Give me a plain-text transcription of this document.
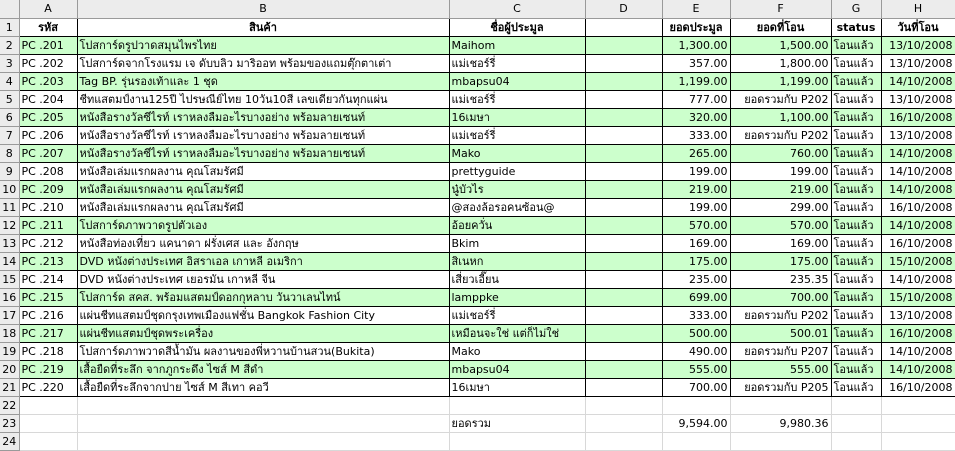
	A	B	C	D	E	F	G	H
1	รหัส	สินค้า	ชื่อผู้ประมูล		ยอดประมูล	ยอดที่โอน	status	วันที่โอน
2	PC .201	โปสการ์ดรูปวาดสมุนไพรไทย	Maihom		1,300.00	1,500.00	โอนแล้ว	13/10/2008
3	PC .202	โปสการ์ดจากโรงแรม เจ ดับบลิว มาริออท พร้อมของแถมตุ๊กตาเต่า	แม่เชอร์รี่		357.00	1,800.00	โอนแล้ว	13/10/2008
4	PC .203	Tag BP. รุ่นรองเท้าและ 1 ชุด	mbapsu04		1,199.00	1,199.00	โอนแล้ว	14/10/2008
5	PC .204	ชีทแสตมป์งาน125ปี ไปรษณีย์ไทย 10วัน10สี เลขเดียวกันทุกแผ่น	แม่เชอร์รี่		777.00	ยอดรวมกับ P202	โอนแล้ว	13/10/2008
6	PC .205	หนังสือรางวัลซีไรท์ เราหลงลืมอะไรบางอย่าง พร้อมลายเซนท์	16เมษา		320.00	1,100.00	โอนแล้ว	16/10/2008
7	PC .206	หนังสือรางวัลซีไรท์ เราหลงลืมอะไรบางอย่าง พร้อมลายเซนท์	แม่เชอร์รี่		333.00	ยอดรวมกับ P202	โอนแล้ว	13/10/2008
8	PC .207	หนังสือรางวัลซีไรท์ เราหลงลืมอะไรบางอย่าง พร้อมลายเซนท์	Mako		265.00	760.00	โอนแล้ว	14/10/2008
9	PC .208	หนังสือเล่มแรกผลงาน คุณโสมรัศมี	prettyguide		199.00	199.00	โอนแล้ว	14/10/2008
10	PC .209	หนังสือเล่มแรกผลงาน คุณโสมรัศมี	นู๋บัวไร		219.00	219.00	โอนแล้ว	14/10/2008
11	PC .210	หนังสือเล่มแรกผลงาน คุณโสมรัศมี	@สองล้อรอคนซ้อน@		199.00	299.00	โอนแล้ว	16/10/2008
12	PC .211	โปสการ์ดภาพวาดรูปตัวเอง	อ้อยควั่น		570.00	570.00	โอนแล้ว	14/10/2008
13	PC .212	หนังสือท่องเที่ยว แคนาดา ฝรั่งเศส และ อังกฤษ	Bkim		169.00	169.00	โอนแล้ว	16/10/2008
14	PC .213	DVD หนังต่างประเทศ อิสราเอล เกาหลี อเมริกา	สิเนหก		175.00	175.00	โอนแล้ว	15/10/2008
15	PC .214	DVD หนังต่างประเทศ เยอรมัน เกาหลี จีน	เสี่ยวเอี๊ยน		235.00	235.35	โอนแล้ว	14/10/2008
16	PC .215	โปสการ์ด สคส. พร้อมแสตมป์ดอกกุหลาบ วันวาเลนไทน์	lamppke		699.00	700.00	โอนแล้ว	15/10/2008
17	PC .216	แผ่นชีทแสตมป์ชุดกรุงเทพเมืองแฟชั่น Bangkok Fashion City	แม่เชอร์รี่		333.00	ยอดรวมกับ P202	โอนแล้ว	13/10/2008
18	PC .217	แผ่นชีทแสตมป์ชุดพระเครื่อง	เหมือนจะใช่ แต่ก็ไม่ใช่		500.00	500.01	โอนแล้ว	16/10/2008
19	PC .218	โปสการ์ดภาพวาดสีน้ำมัน ผลงานของพี่หวานบ้านสวน(Bukita)	Mako		490.00	ยอดรวมกับ P207	โอนแล้ว	14/10/2008
20	PC .219	เสื้อยืดที่ระลึก จากภูกระดึง ไซส์ M สีดำ	mbapsu04		555.00	555.00	โอนแล้ว	14/10/2008
21	PC .220	เสื้อยืดที่ระลึกจากปาย ไซส์ M สีเทา คอวี	16เมษา		700.00	ยอดรวมกับ P205	โอนแล้ว	16/10/2008
22								
23			ยอดรวม		9,594.00	9,980.36		
24								
